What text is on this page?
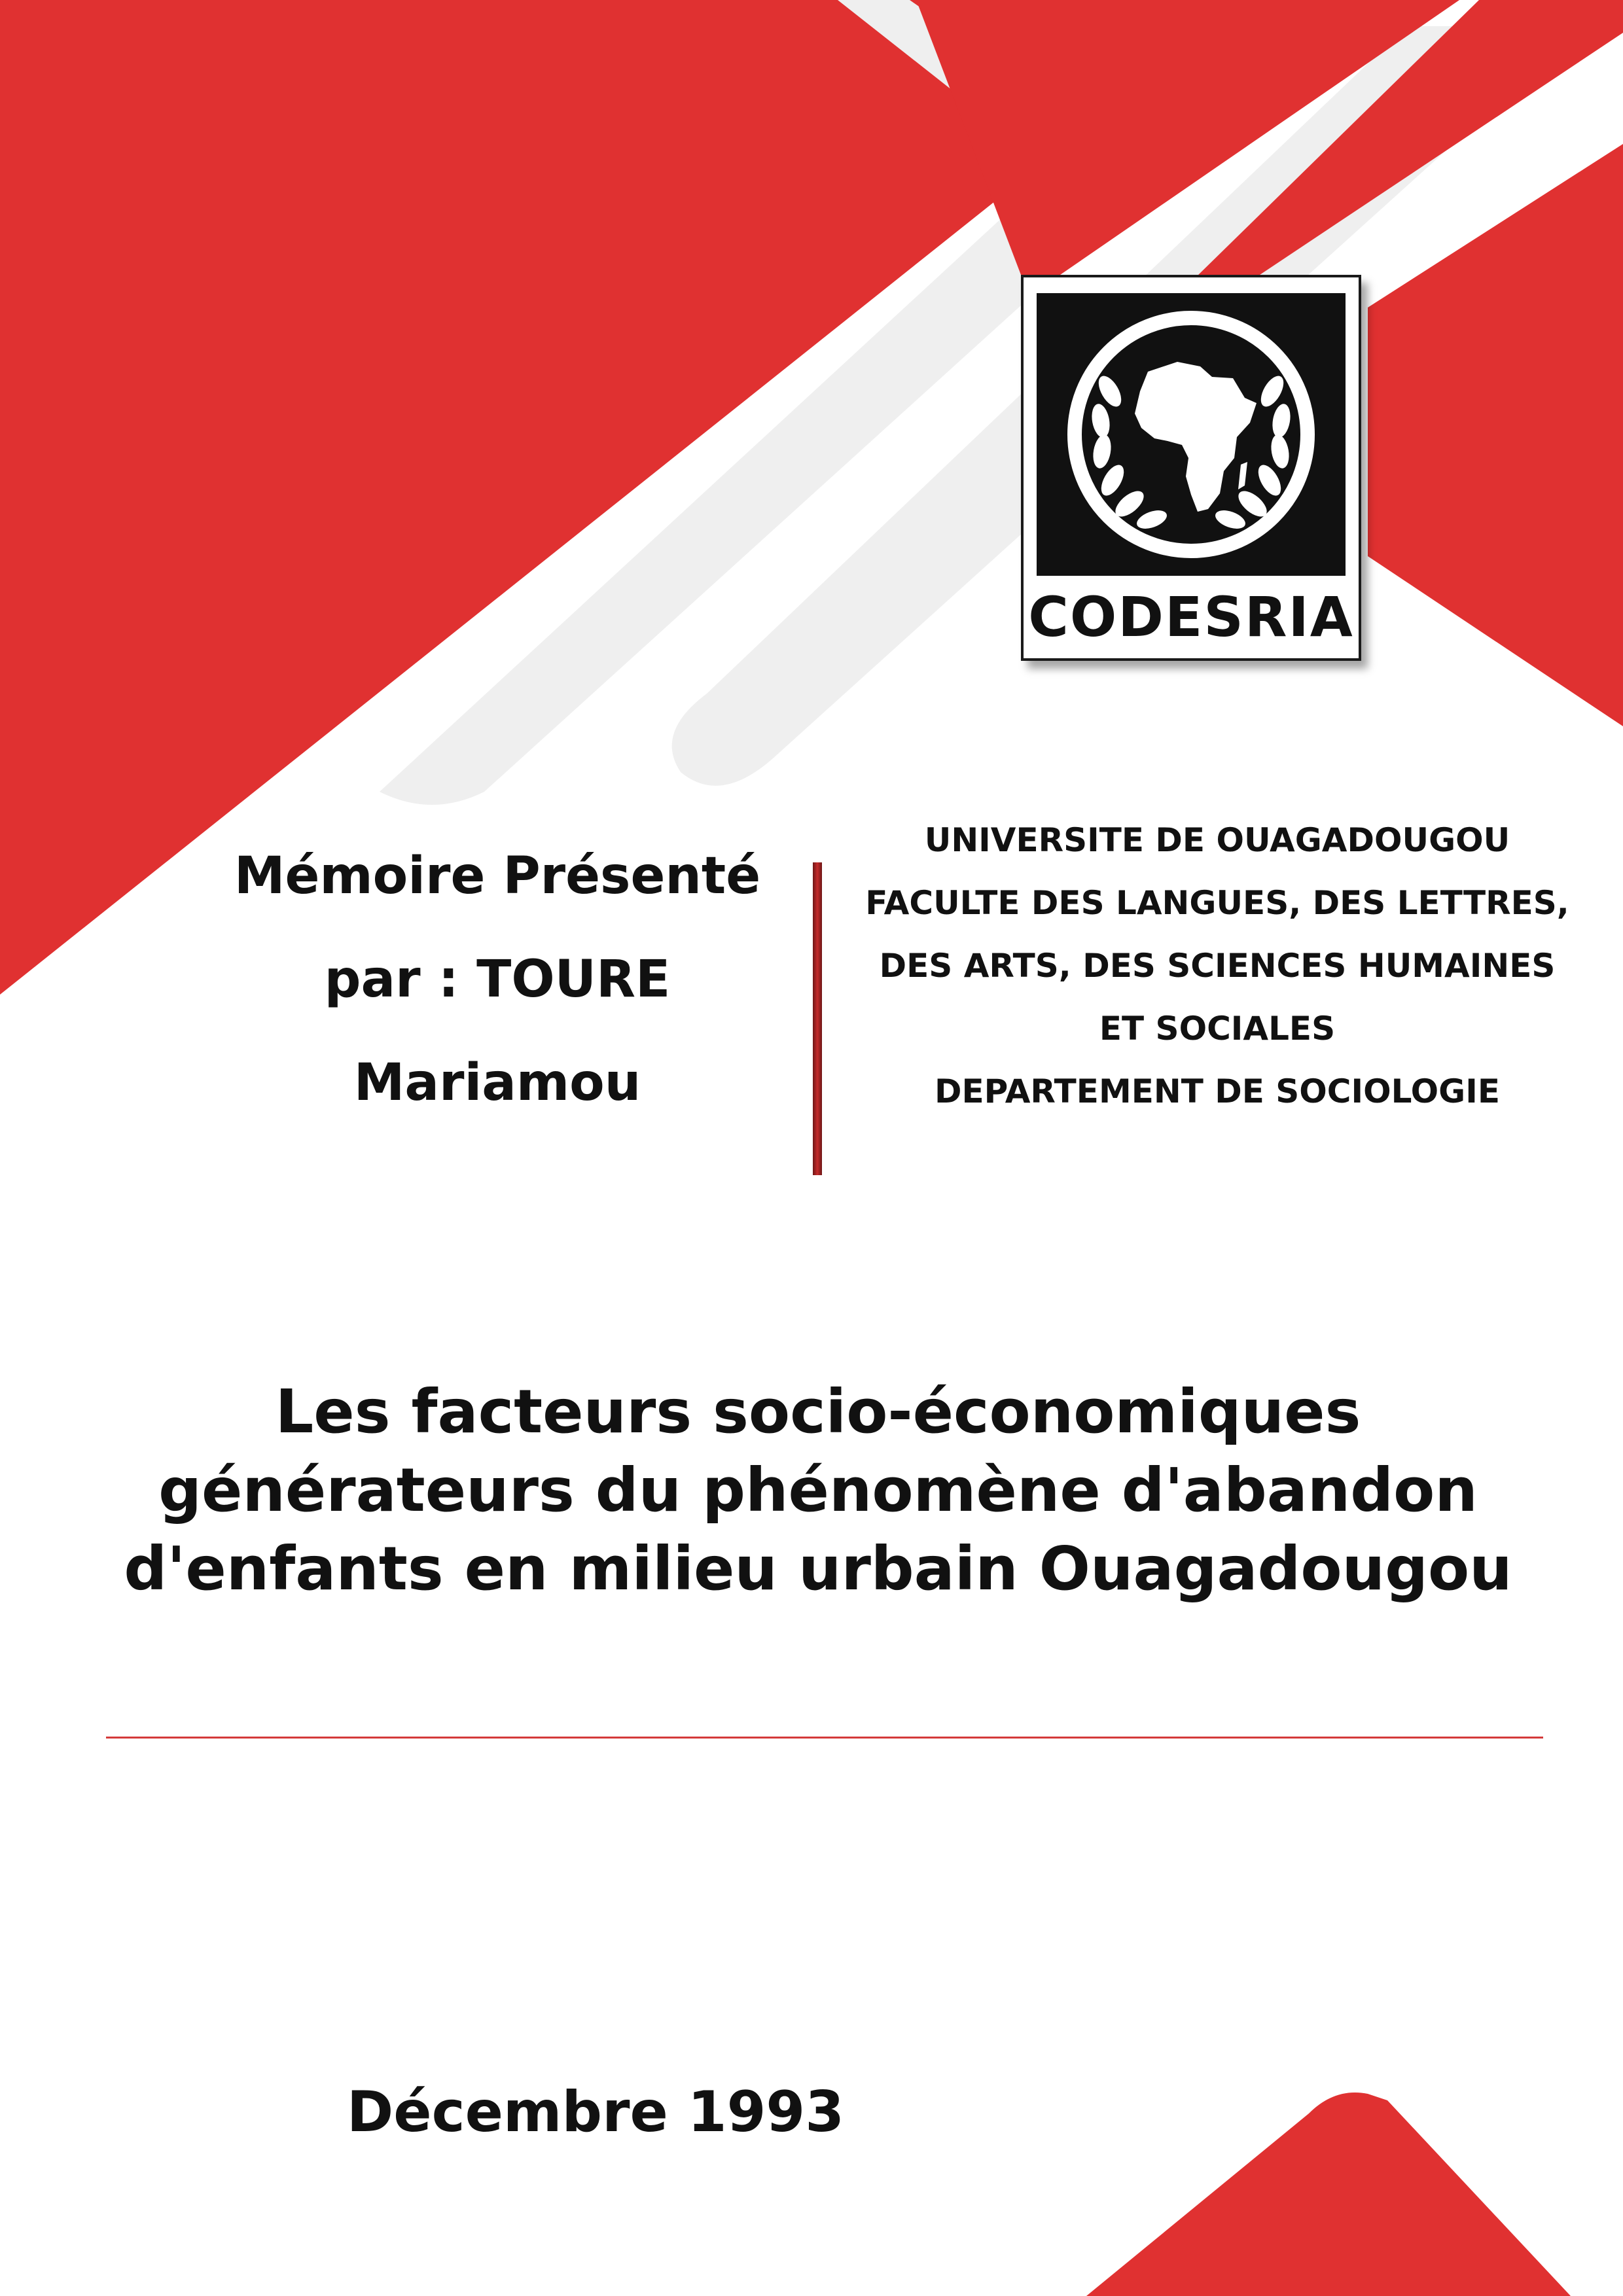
CODESRIA
Mémoire Présenté
par : TOURE
Mariamou
UNIVERSITE DE OUAGADOUGOU
FACULTE DES LANGUES, DES LETTRES,
DES ARTS, DES SCIENCES HUMAINES
ET SOCIALES
DEPARTEMENT DE SOCIOLOGIE
Les facteurs socio-économiques
générateurs du phénomène d'abandon
d'enfants en milieu urbain Ouagadougou
Décembre 1993
